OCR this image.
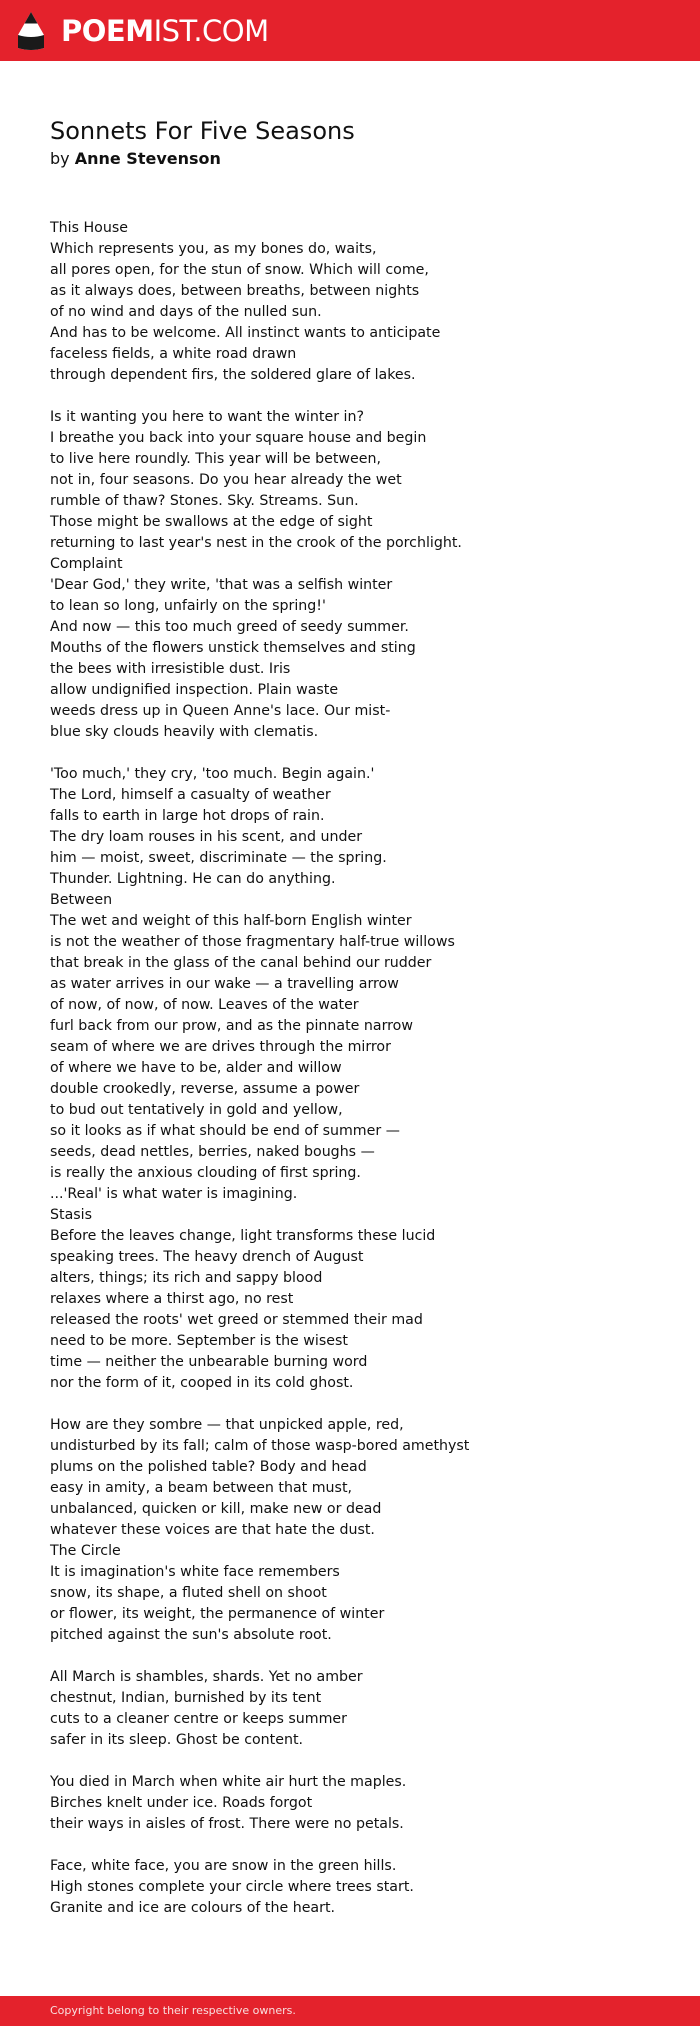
POEMIST.COM
Sonnets For Five Seasons
by Anne Stevenson
This House
Which represents you, as my bones do, waits,
all pores open, for the stun of snow. Which will come,
as it always does, between breaths, between nights
of no wind and days of the nulled sun.
And has to be welcome. All instinct wants to anticipate
faceless fields, a white road drawn
through dependent firs, the soldered glare of lakes.
Is it wanting you here to want the winter in?
I breathe you back into your square house and begin
to live here roundly. This year will be between,
not in, four seasons. Do you hear already the wet
rumble of thaw? Stones. Sky. Streams. Sun.
Those might be swallows at the edge of sight
returning to last year's nest in the crook of the porchlight.
Complaint
'Dear God,' they write, 'that was a selfish winter
to lean so long, unfairly on the spring!'
And now — this too much greed of seedy summer.
Mouths of the flowers unstick themselves and sting
the bees with irresistible dust. Iris
allow undignified inspection. Plain waste
weeds dress up in Queen Anne's lace. Our mist-
blue sky clouds heavily with clematis.
'Too much,' they cry, 'too much. Begin again.'
The Lord, himself a casualty of weather
falls to earth in large hot drops of rain.
The dry loam rouses in his scent, and under
him — moist, sweet, discriminate — the spring.
Thunder. Lightning. He can do anything.
Between
The wet and weight of this half-born English winter
is not the weather of those fragmentary half-true willows
that break in the glass of the canal behind our rudder
as water arrives in our wake — a travelling arrow
of now, of now, of now. Leaves of the water
furl back from our prow, and as the pinnate narrow
seam of where we are drives through the mirror
of where we have to be, alder and willow
double crookedly, reverse, assume a power
to bud out tentatively in gold and yellow,
so it looks as if what should be end of summer —
seeds, dead nettles, berries, naked boughs —
is really the anxious clouding of first spring.
...'Real' is what water is imagining.
Stasis
Before the leaves change, light transforms these lucid
speaking trees. The heavy drench of August
alters, things; its rich and sappy blood
relaxes where a thirst ago, no rest
released the roots' wet greed or stemmed their mad
need to be more. September is the wisest
time — neither the unbearable burning word
nor the form of it, cooped in its cold ghost.
How are they sombre — that unpicked apple, red,
undisturbed by its fall; calm of those wasp-bored amethyst
plums on the polished table? Body and head
easy in amity, a beam between that must,
unbalanced, quicken or kill, make new or dead
whatever these voices are that hate the dust.
The Circle
It is imagination's white face remembers
snow, its shape, a fluted shell on shoot
or flower, its weight, the permanence of winter
pitched against the sun's absolute root.
All March is shambles, shards. Yet no amber
chestnut, Indian, burnished by its tent
cuts to a cleaner centre or keeps summer
safer in its sleep. Ghost be content.
You died in March when white air hurt the maples.
Birches knelt under ice. Roads forgot
their ways in aisles of frost. There were no petals.
Face, white face, you are snow in the green hills.
High stones complete your circle where trees start.
Granite and ice are colours of the heart.
Copyright belong to their respective owners.
